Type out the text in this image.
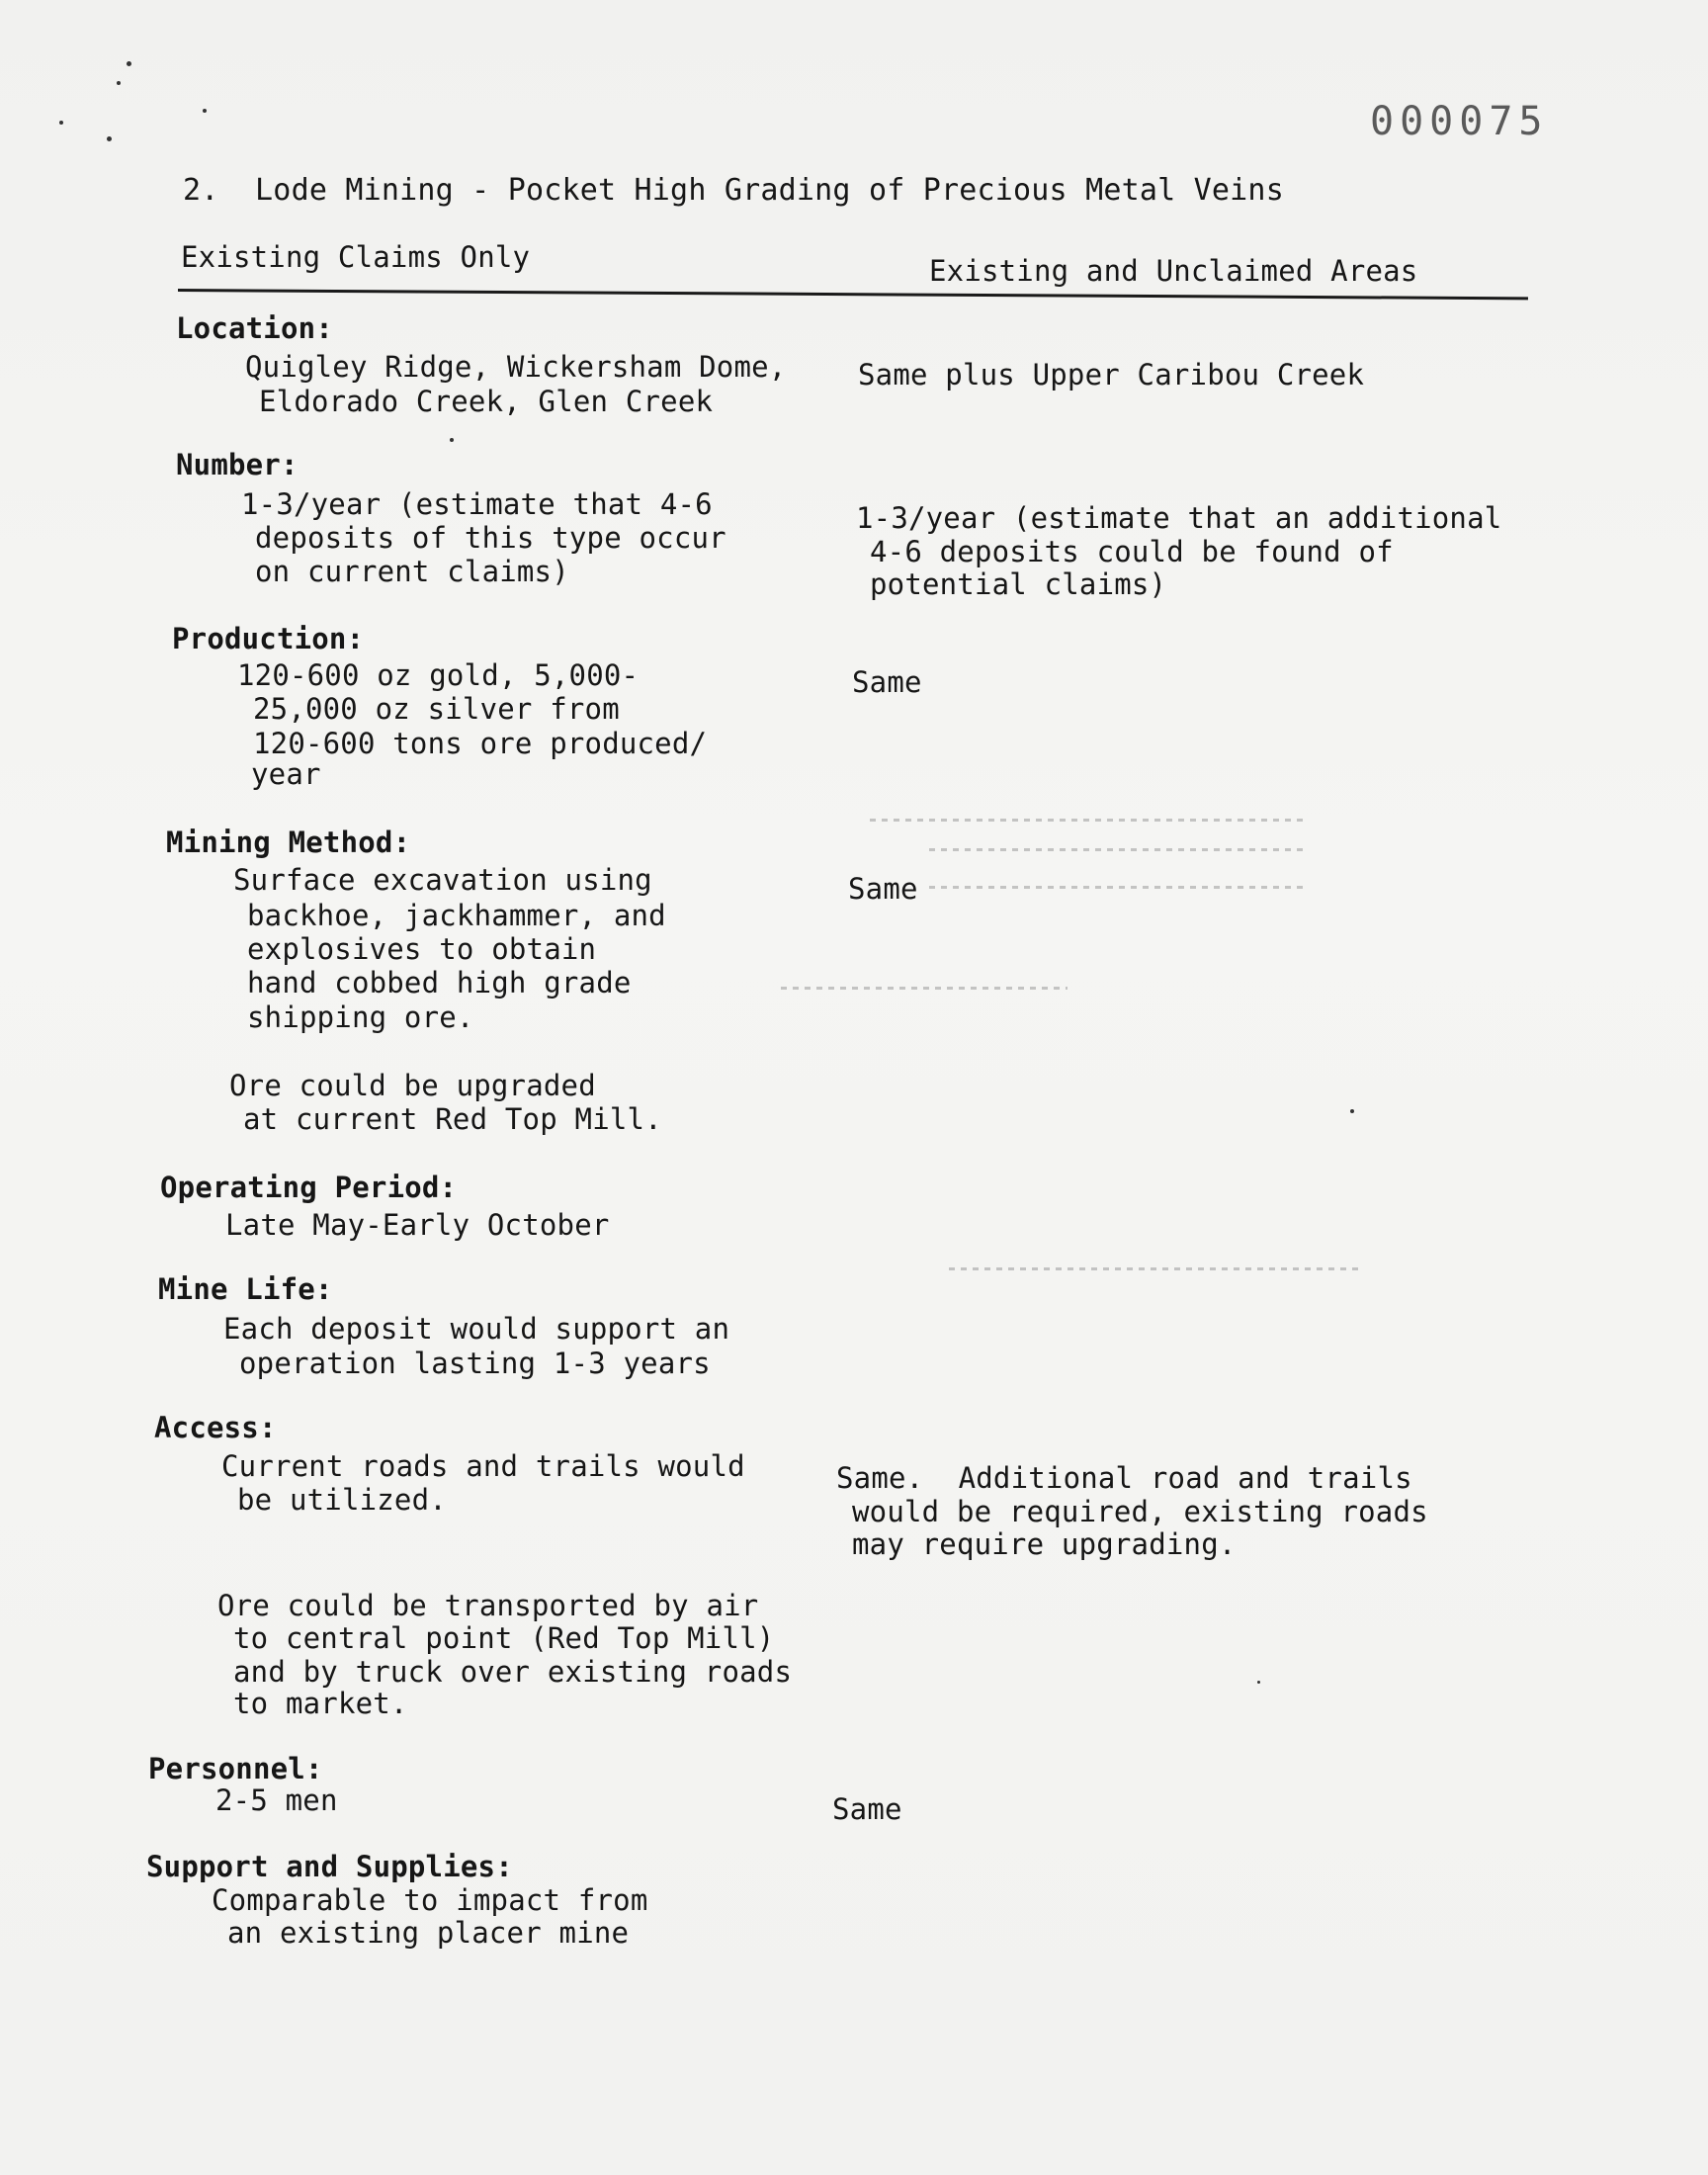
000075
2.  Lode Mining - Pocket High Grading of Precious Metal Veins
Existing Claims Only	Existing and Unclaimed Areas
Location:
Quigley Ridge, Wickersham Dome,
Eldorado Creek, Glen Creek
Same plus Upper Caribou Creek
Number:
1-3/year (estimate that 4-6
deposits of this type occur
on current claims)
1-3/year (estimate that an additional
4-6 deposits could be found of
potential claims)
Production:
120-600 oz gold, 5,000-
25,000 oz silver from
120-600 tons ore produced/
year
Same
Mining Method:
Surface excavation using
backhoe, jackhammer, and
explosives to obtain
hand cobbed high grade
shipping ore.
Ore could be upgraded
at current Red Top Mill.
Same
Operating Period:
Late May-Early October
Mine Life:
Each deposit would support an
operation lasting 1-3 years
Access:
Current roads and trails would
be utilized.
Ore could be transported by air
to central point (Red Top Mill)
and by truck over existing roads
to market.
Same.  Additional road and trails
would be required, existing roads
may require upgrading.
Personnel:
2-5 men	Same
Support and Supplies:
Comparable to impact from
an existing placer mine
